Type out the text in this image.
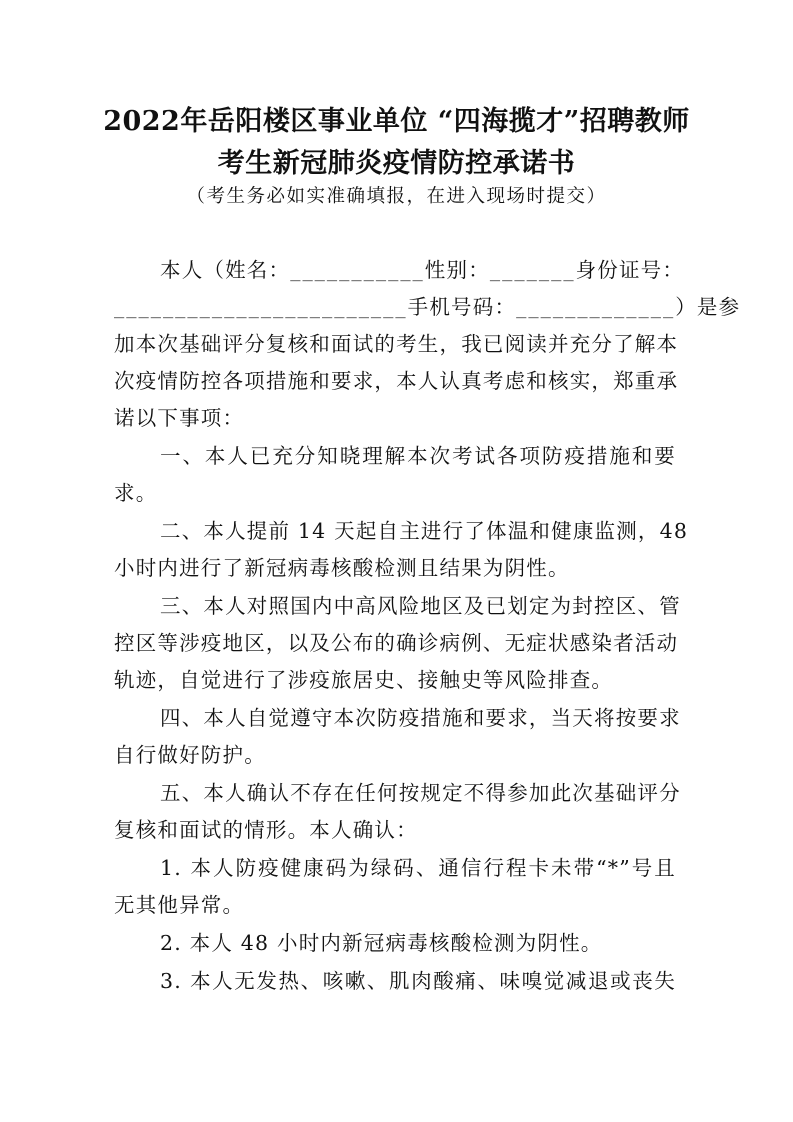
2022年岳阳楼区事业单位 “四海揽才”招聘教师
考生新冠肺炎疫情防控承诺书
（考生务必如实准确填报，在进入现场时提交）
本人（姓名：___________性别：_______身份证号：
________________________手机号码：_____________）是参
加本次基础评分复核和面试的考生，我已阅读并充分了解本
次疫情防控各项措施和要求，本人认真考虑和核实，郑重承
诺以下事项：
一、本人已充分知晓理解本次考试各项防疫措施和要
求。
二、本人提前 14 天起自主进行了体温和健康监测，48
小时内进行了新冠病毒核酸检测且结果为阴性。
三、本人对照国内中高风险地区及已划定为封控区、管
控区等涉疫地区，以及公布的确诊病例、无症状感染者活动
轨迹，自觉进行了涉疫旅居史、接触史等风险排查。
四、本人自觉遵守本次防疫措施和要求，当天将按要求
自行做好防护。
五、本人确认不存在任何按规定不得参加此次基础评分
复核和面试的情形。本人确认：
1. 本人防疫健康码为绿码、通信行程卡未带“*”号且
无其他异常。
2. 本人 48 小时内新冠病毒核酸检测为阴性。
3. 本人无发热、咳嗽、肌肉酸痛、味嗅觉减退或丧失
